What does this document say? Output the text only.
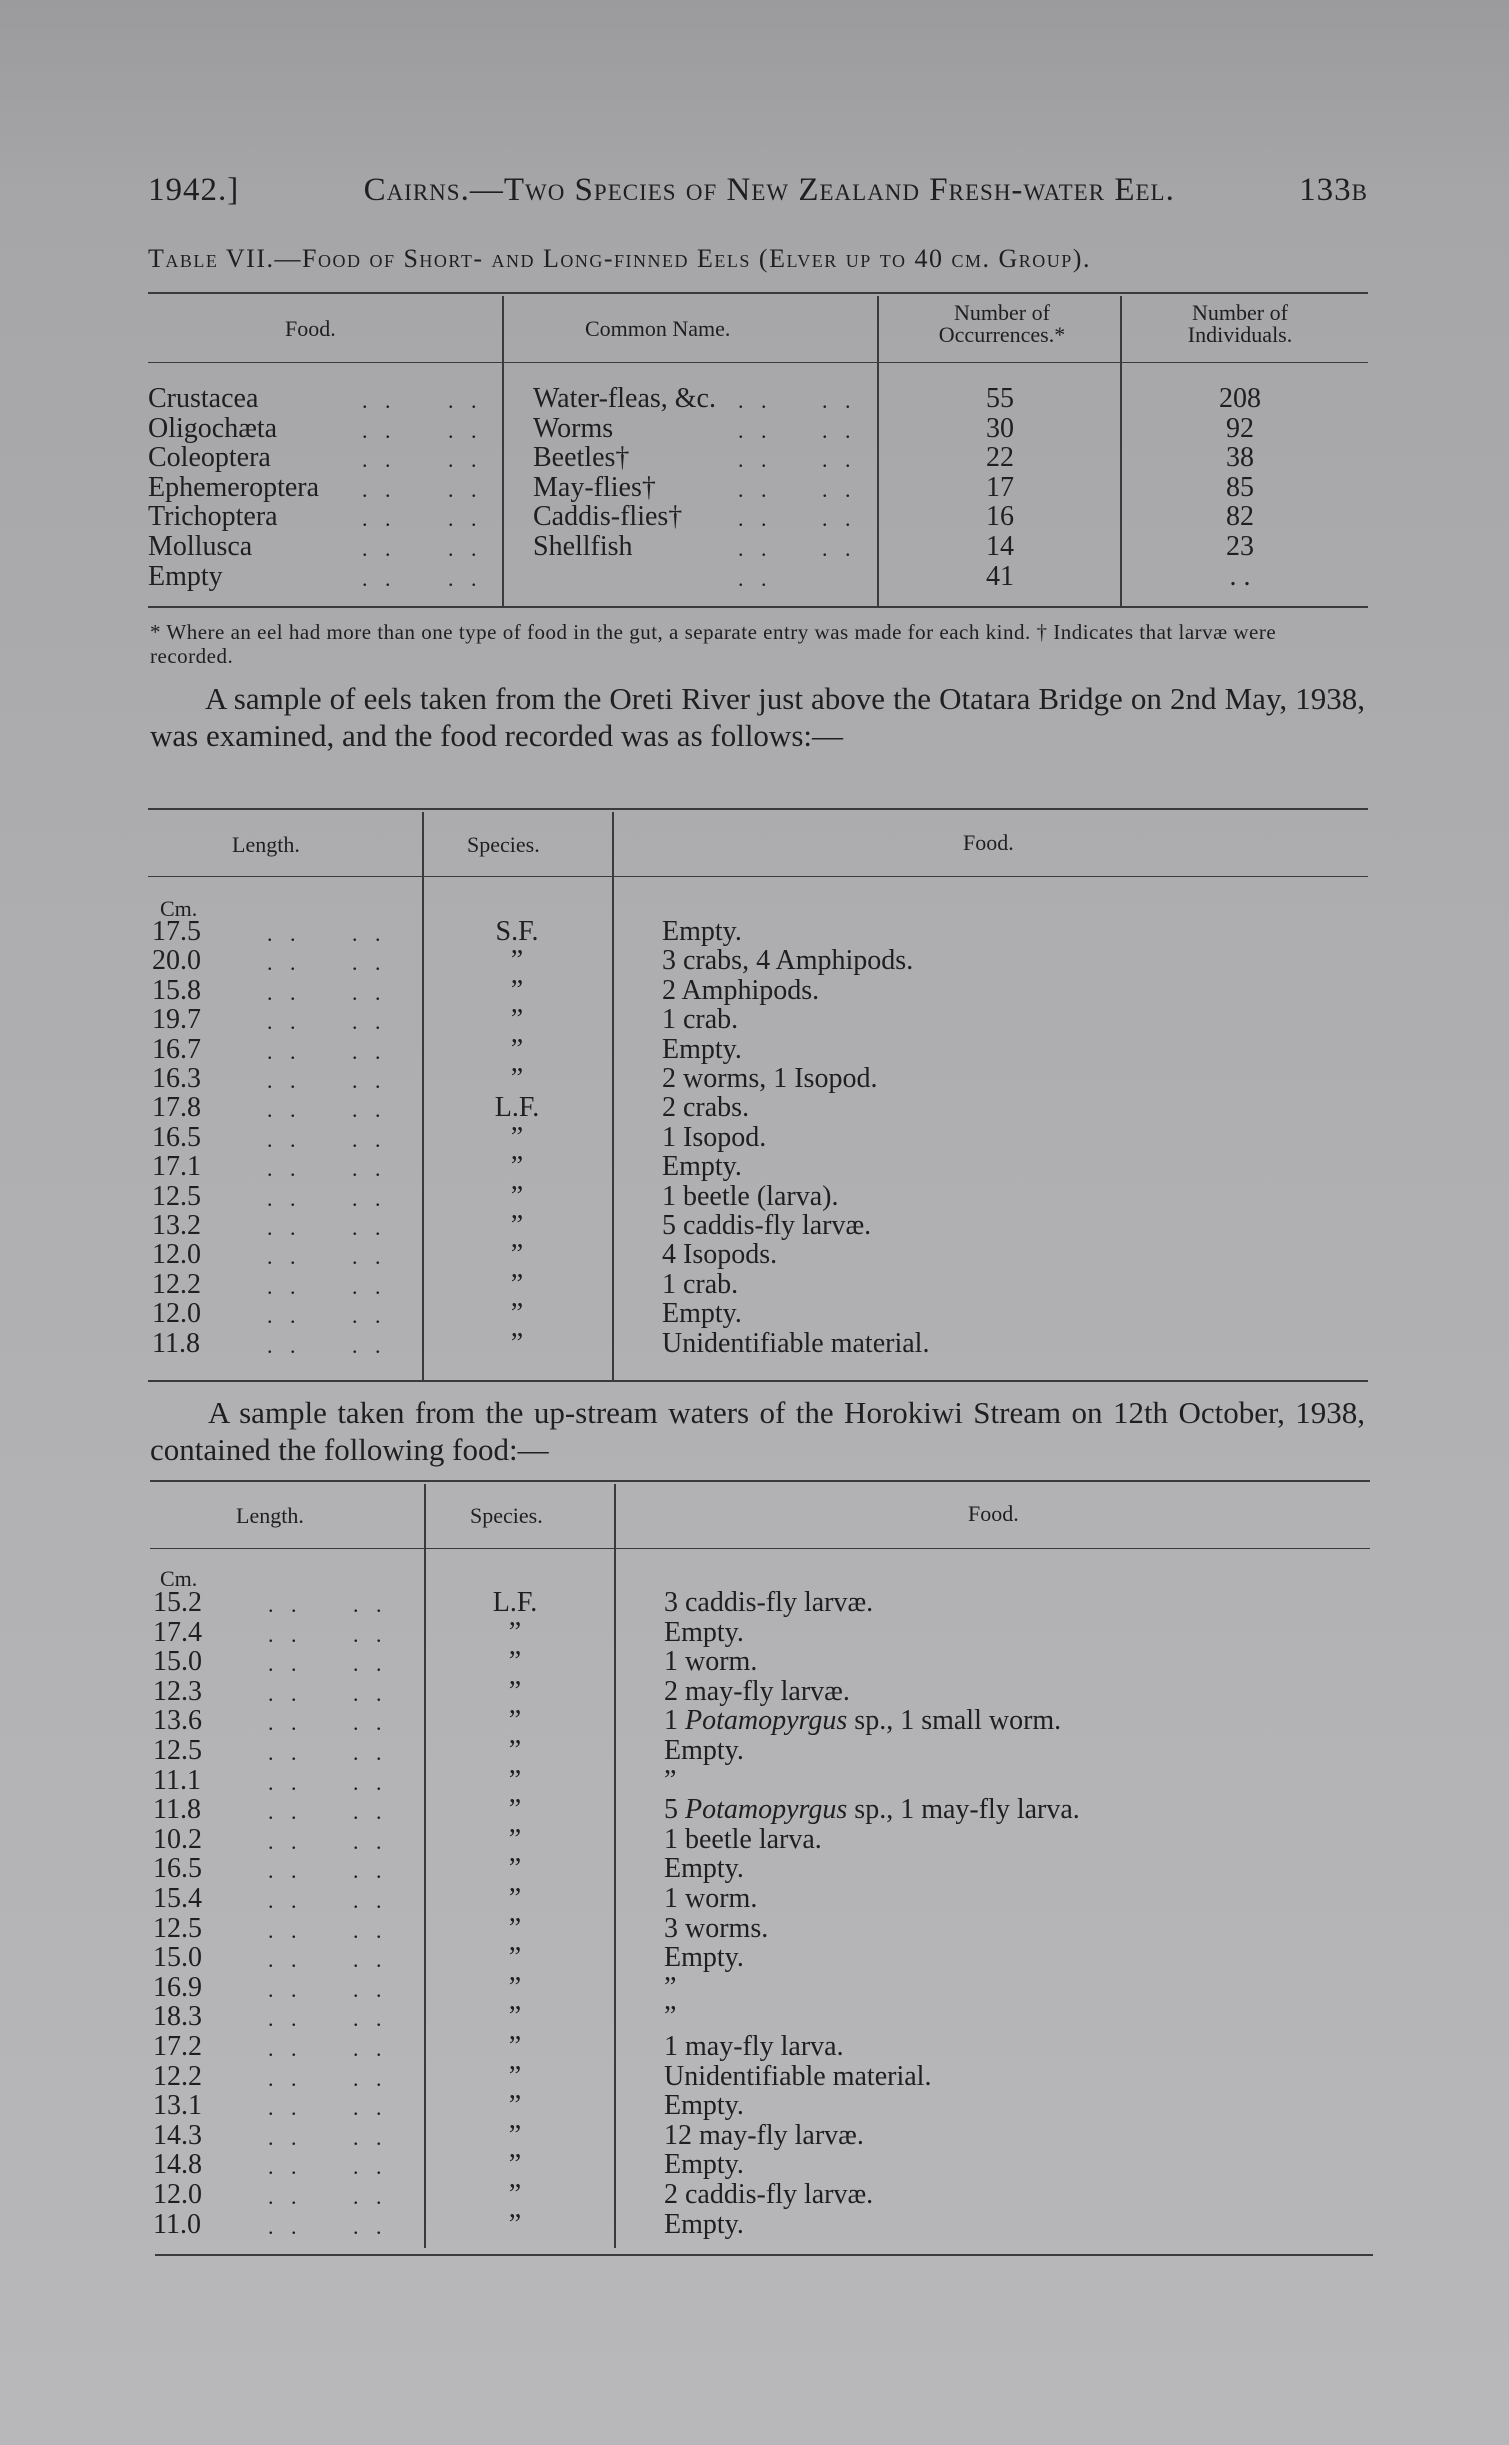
1942.]	Cairns.—Two Species of New Zealand Fresh-water Eel.	133b
Table VII.—Food of Short- and Long-finned Eels (Elver up to 40 cm. Group).
Food.	Common Name.
Number of Occurrences.*
Number of Individuals.
Crustacea	. . . . Water-fleas, &c. . . . .	55	208
Oligochæta	. . . . Worms	. . . .	30	92
Coleoptera	. . . . Beetles†	. . . .	22	38
Ephemeroptera . . . . May-flies†	. . . .	17	85
Trichoptera	. . . . Caddis-flies†	. . . .	16	82
Mollusca	. . . . Shellfish	. . . .	14	23
Empty	. . . .	. .	41	. .
* Where an eel had more than one type of food in the gut, a separate entry was made for each kind. † Indicates that larvæ were recorded.
A sample of eels taken from the Oreti River just above the Otatara Bridge on 2nd May, 1938, was examined, and the food recorded was as follows:—
Length.	Species.	Food.
Cm.
17.5	. . . .	S.F.	Empty.
20.0	. . . .	”	3 crabs, 4 Amphipods.
15.8	. . . .	”	2 Amphipods.
19.7	. . . .	”	1 crab.
16.7	. . . .	”	Empty.
16.3	. . . .	”	2 worms, 1 Isopod.
17.8	. . . .	L.F.	2 crabs.
16.5	. . . .	”	1 Isopod.
17.1	. . . .	”	Empty.
12.5	. . . .	”	1 beetle (larva).
13.2	. . . .	”	5 caddis-fly larvæ.
12.0	. . . .	”	4 Isopods.
12.2	. . . .	”	1 crab.
12.0	. . . .	”	Empty.
11.8	. . . .	”	Unidentifiable material.
A sample taken from the up-stream waters of the Horokiwi Stream on 12th October, 1938, contained the following food:—
Length.	Species.	Food.
Cm.
15.2	. . . .	L.F.	3 caddis-fly larvæ.
17.4	. . . .	”	Empty.
15.0	. . . .	”	1 worm.
12.3	. . . .	”	2 may-fly larvæ.
13.6	. . . .	”	1 Potamopyrgus sp., 1 small worm.
12.5	. . . .	”	Empty.
11.1	. . . .	”	”
11.8	. . . .	”	5 Potamopyrgus sp., 1 may-fly larva.
10.2	. . . .	”	1 beetle larva.
16.5	. . . .	”	Empty.
15.4	. . . .	”	1 worm.
12.5	. . . .	”	3 worms.
15.0	. . . .	”	Empty.
16.9	. . . .	”	”
18.3	. . . .	”	”
17.2	. . . .	”	1 may-fly larva.
12.2	. . . .	”	Unidentifiable material.
13.1	. . . .	”	Empty.
14.3	. . . .	”	12 may-fly larvæ.
14.8	. . . .	”	Empty.
12.0	. . . .	”	2 caddis-fly larvæ.
11.0	. . . .	”	Empty.
